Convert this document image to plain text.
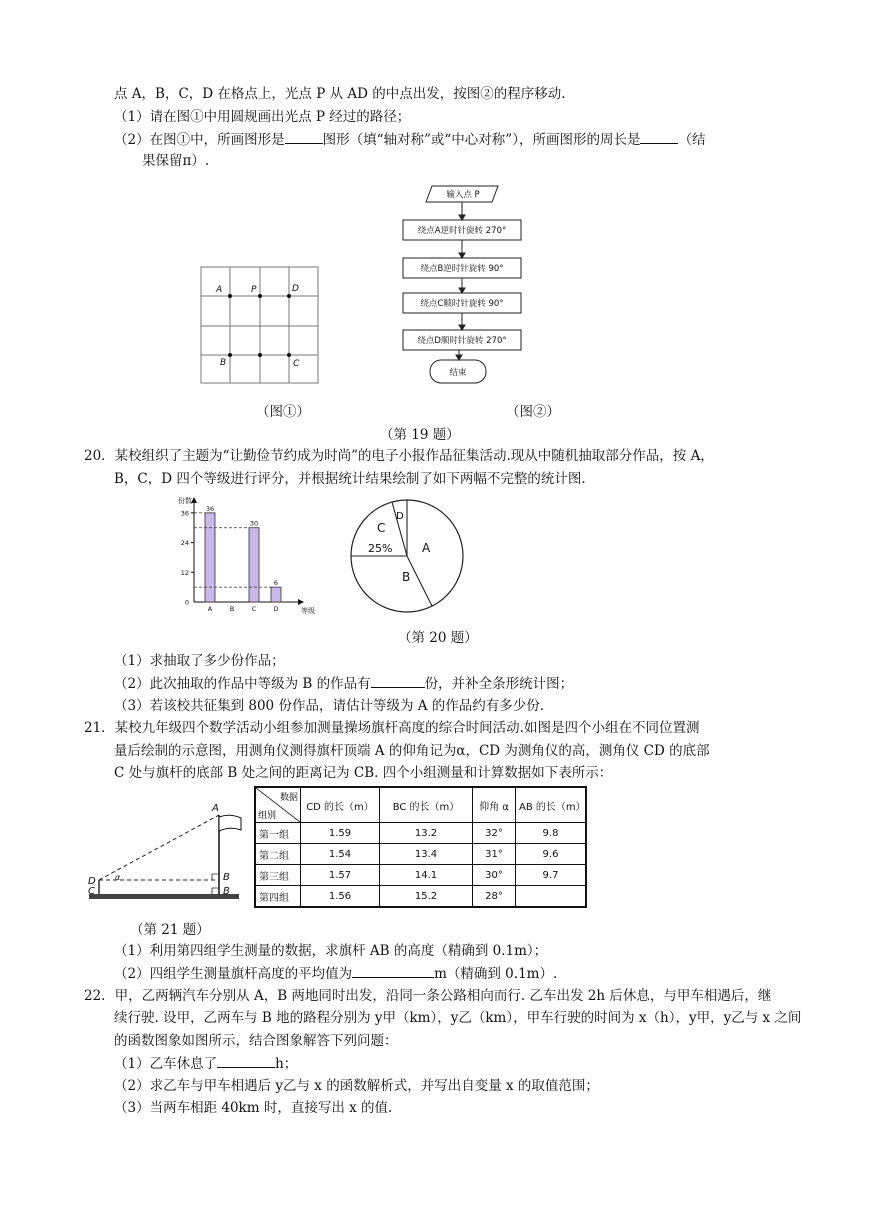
点 A，B，C，D 在格点上，光点 P 从 AD 的中点出发，按图②的程序移动.
（1）请在图①中用圆规画出光点 P 经过的路径；
（2）在图①中，所画图形是	图形（填“轴对称”或“中心对称”），所画图形的周长是	（结
果保留π）.
A	P	D
B	C
（图①）
输入点 P
绕点A逆时针旋转 270°
绕点B逆时针旋转 90°
绕点C顺时针旋转 90°
绕点D顺时针旋转 270°
结束
（图②）
（第 19 题）
20．某校组织了主题为“让勤俭节约成为时尚”的电子小报作品征集活动.现从中随机抽取部分作品，按 A，
B，C，D 四个等级进行评分，并根据统计结果绘制了如下两幅不完整的统计图.
份数
等级
0
12
24
36
A
36
B	C
30
D
6
C
D
A
B
25%
（第 20 题）
（1）求抽取了多少份作品；
（2）此次抽取的作品中等级为 B 的作品有	份，并补全条形统计图；
（3）若该校共征集到 800 份作品，请估计等级为 A 的作品约有多少份.
21．某校九年级四个数学活动小组参加测量操场旗杆高度的综合时间活动.如图是四个小组在不同位置测
量后绘制的示意图，用测角仪测得旗杆顶端 A 的仰角记为α，CD 为测角仪的高，测角仪 CD 的底部
C 处与旗杆的底部 B 处之间的距离记为 CB. 四个小组测量和计算数据如下表所示：
A
B
B
D
C
α
数据
组别	CD 的长（m）	BC 的长（m）	仰角 α	AB 的长（m）
第一组	1.59	13.2	32°	9.8
第二组	1.54	13.4	31°	9.6
第三组	1.57	14.1	30°	9.7
第四组	1.56	15.2	28°	
（第 21 题）
（1）利用第四组学生测量的数据，求旗杆 AB 的高度（精确到 0.1m）；
（2）四组学生测量旗杆高度的平均值为	m（精确到 0.1m）.
22．甲，乙两辆汽车分别从 A，B 两地同时出发，沿同一条公路相向而行. 乙车出发 2h 后休息，与甲车相遇后，继
续行驶. 设甲，乙两车与 B 地的路程分别为 y甲（km），y乙（km），甲车行驶的时间为 x（h），y甲，y乙与 x 之间
的函数图象如图所示，结合图象解答下列问题：
（1）乙车休息了	h；
（2）求乙车与甲车相遇后 y乙与 x 的函数解析式，并写出自变量 x 的取值范围；
（3）当两车相距 40km 时，直接写出 x 的值.
